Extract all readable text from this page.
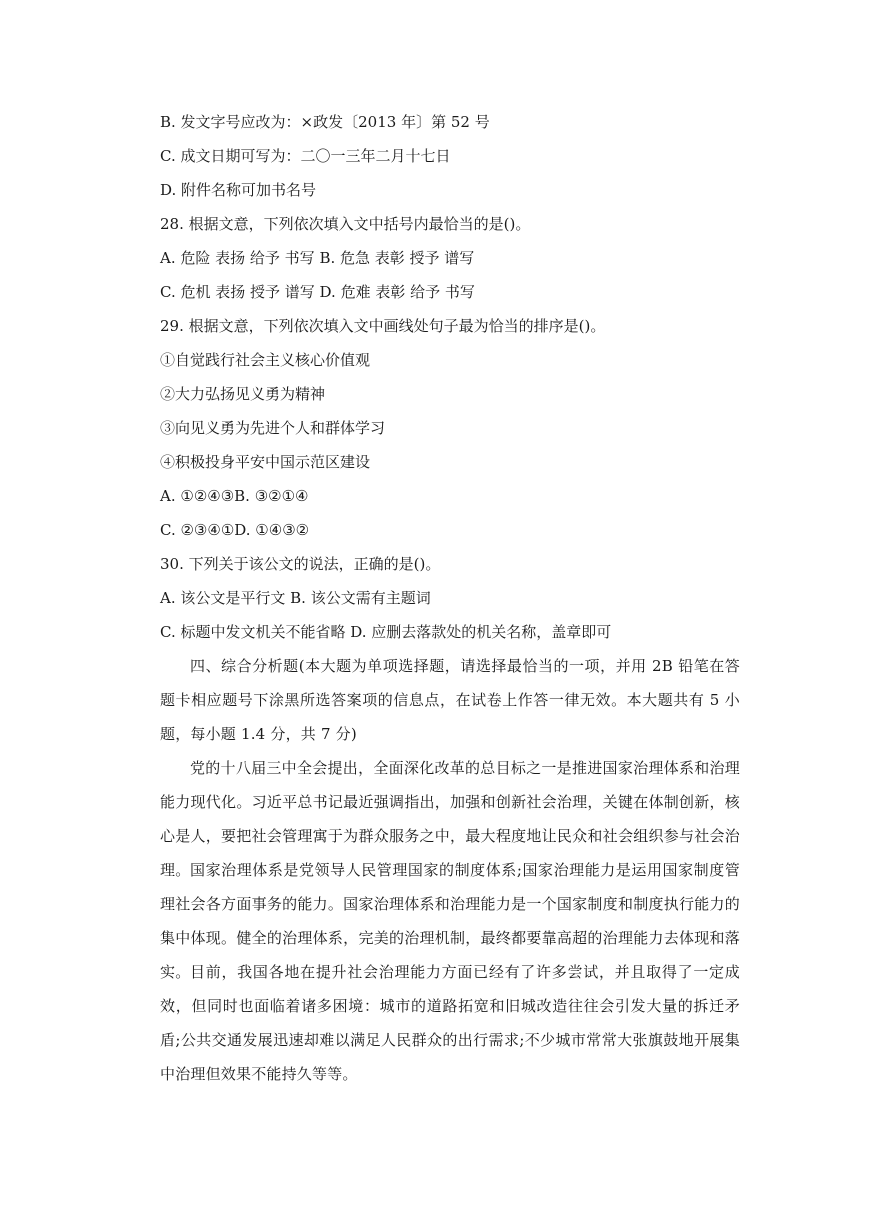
B. 发文字号应改为：×政发〔2013 年〕第 52 号
C. 成文日期可写为：二〇一三年二月十七日
D. 附件名称可加书名号
28. 根据文意，下列依次填入文中括号内最恰当的是()。
A. 危险 表扬 给予 书写 B. 危急 表彰 授予 谱写
C. 危机 表扬 授予 谱写 D. 危难 表彰 给予 书写
29. 根据文意，下列依次填入文中画线处句子最为恰当的排序是()。
①自觉践行社会主义核心价值观
②大力弘扬见义勇为精神
③向见义勇为先进个人和群体学习
④积极投身平安中国示范区建设
A. ①②④③B. ③②①④
C. ②③④①D. ①④③②
30. 下列关于该公文的说法，正确的是()。
A. 该公文是平行文 B. 该公文需有主题词
C. 标题中发文机关不能省略 D. 应删去落款处的机关名称，盖章即可
四、综合分析题(本大题为单项选择题，请选择最恰当的一项，并用 2B 铅笔在答题卡相应题号下涂黑所选答案项的信息点，在试卷上作答一律无效。本大题共有 5 小题，每小题 1.4 分，共 7 分)
党的十八届三中全会提出，全面深化改革的总目标之一是推进国家治理体系和治理能力现代化。习近平总书记最近强调指出，加强和创新社会治理，关键在体制创新，核心是人，要把社会管理寓于为群众服务之中，最大程度地让民众和社会组织参与社会治理。 国家治理体系是党领导人民管理国家的制度体系;国家治理能力是运用国家制度管理社会各方面事务的能力。国家治理体系和治理能力是一个国家制度和制度执行能力的集中体现。健全的治理体系，完美的治理机制，最终都要靠高超的治理能力去体现和落实。 目前，我国各地在提升社会治理能力方面已经有了许多尝试，并且取得了一定成效，但同时也面临着诸多困境：城市的道路拓宽和旧城改造往往会引发大量的拆迁矛盾;公共交通发展迅速却难以满足人民群众的出行需求;不少城市常常大张旗鼓地开展集中治理但效果不能持久等等。
